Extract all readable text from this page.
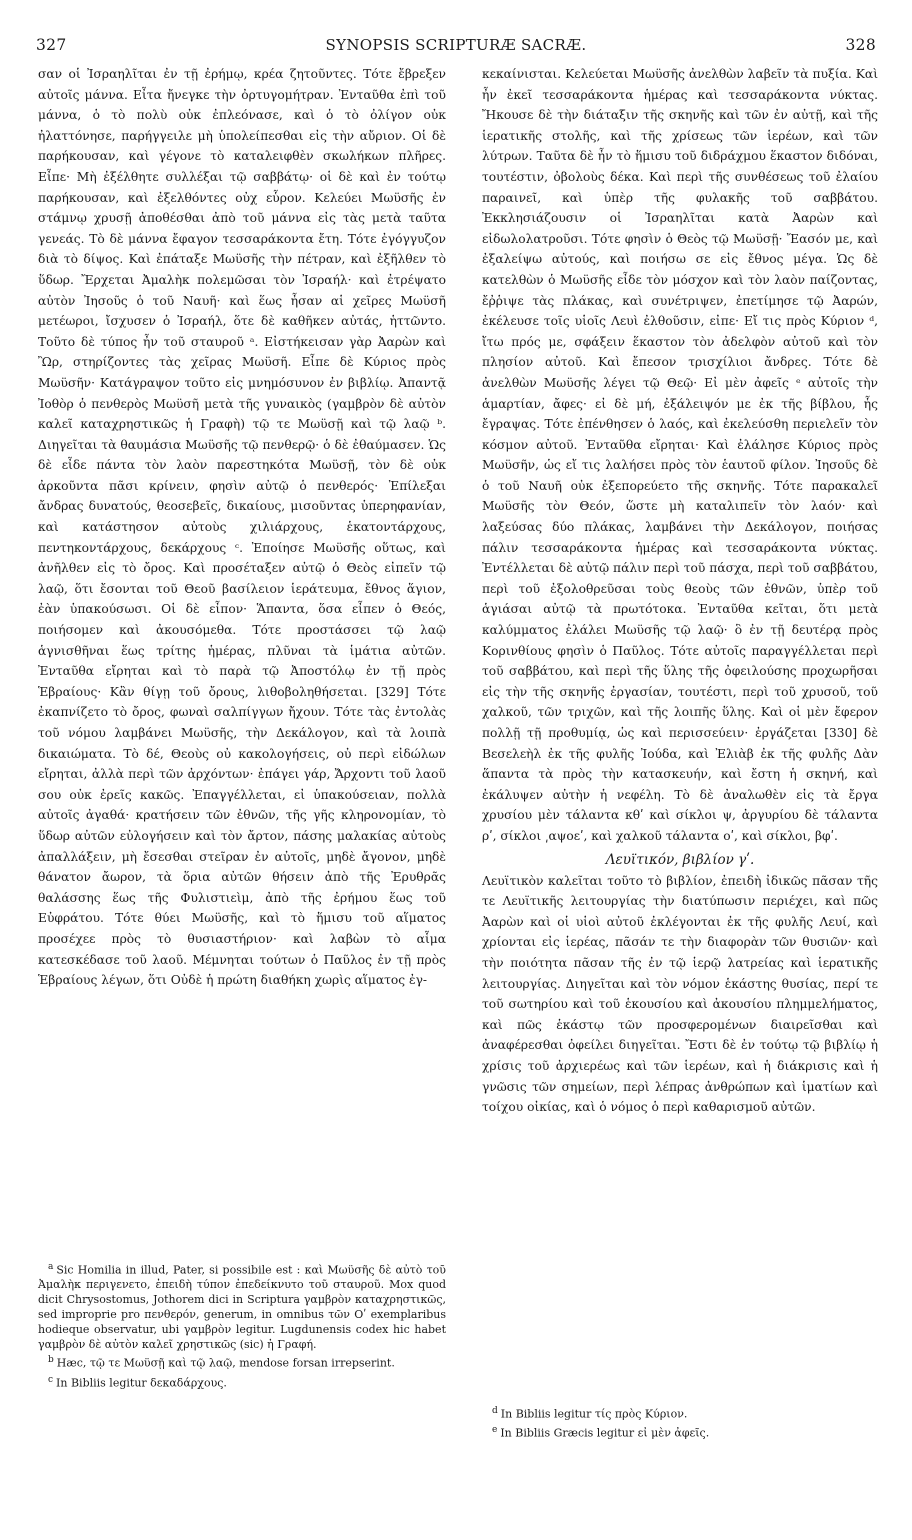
327	SYNOPSIS SCRIPTURÆ SACRÆ.	328

σαν οἱ Ἰσραηλῖται ἐν τῇ ἐρήμῳ, κρέα ζητοῦντες. Τότε ἔβρεξεν αὐτοῖς μάννα. Εἶτα ἤνεγκε τὴν ὀρτυγομήτραν. Ἐνταῦθα ἐπὶ τοῦ μάννα, ὁ τὸ πολὺ οὐκ ἐπλεόνασε, καὶ ὁ τὸ ὀλίγον οὐκ ἠλαττόνησε, παρήγγειλε μὴ ὑπολείπεσθαι εἰς τὴν αὔριον. Οἱ δὲ παρήκουσαν, καὶ γέγονε τὸ καταλειφθὲν σκωλήκων πλῆρες. Εἶπε· Μὴ ἐξέλθητε συλλέξαι τῷ σαββάτῳ· οἱ δὲ καὶ ἐν τούτῳ παρήκουσαν, καὶ ἐξελθόντες οὐχ εὗρον. Κελεύει Μωϋσῆς ἐν στάμνῳ χρυσῇ ἀποθέσθαι ἀπὸ τοῦ μάννα εἰς τὰς μετὰ ταῦτα γενεάς. Τὸ δὲ μάννα ἔφαγον τεσσαράκοντα ἔτη. Τότε ἐγόγγυζον διὰ τὸ δίψος. Καὶ ἐπάταξε Μωϋσῆς τὴν πέτραν, καὶ ἐξῆλθεν τὸ ὕδωρ. Ἔρχεται Ἀμαλὴκ πολεμῶσαι τὸν Ἰσραήλ· καὶ ἐτρέψατο αὐτὸν Ἰησοῦς ὁ τοῦ Ναυῆ· καὶ ἕως ἦσαν αἱ χεῖρες Μωϋσῆ μετέωροι, ἴσχυσεν ὁ Ἰσραήλ, ὅτε δὲ καθῆκεν αὐτάς, ἡττῶντο. Τοῦτο δὲ τύπος ἦν τοῦ σταυροῦ ᵃ. Εἰστήκεισαν γὰρ Ἀαρὼν καὶ Ὢρ, στηρίζοντες τὰς χεῖρας Μωϋσῆ. Εἶπε δὲ Κύριος πρὸς Μωϋσῆν· Κατάγραψον τοῦτο εἰς μνημόσυνον ἐν βιβλίῳ. Ἀπαντᾷ Ἰοθὸρ ὁ πενθερὸς Μωϋσῆ μετὰ τῆς γυναικὸς (γαμβρὸν δὲ αὐτὸν καλεῖ καταχρηστικῶς ἡ Γραφὴ) τῷ τε Μωϋσῇ καὶ τῷ λαῷ ᵇ. Διηγεῖται τὰ θαυμάσια Μωϋσῆς τῷ πενθερῷ· ὁ δὲ ἐθαύμασεν. Ὡς δὲ εἶδε πάντα τὸν λαὸν παρεστηκότα Μωϋσῇ, τὸν δὲ οὐκ ἀρκοῦντα πᾶσι κρίνειν, φησὶν αὐτῷ ὁ πενθερός· Ἐπίλεξαι ἄνδρας δυνατούς, θεοσεβεῖς, δικαίους, μισοῦντας ὑπερηφανίαν, καὶ κατάστησον αὐτοὺς χιλιάρχους, ἑκατοντάρχους, πεντηκοντάρχους, δεκάρχους ᶜ. Ἐποίησε Μωϋσῆς οὕτως, καὶ ἀνῆλθεν εἰς τὸ ὄρος. Καὶ προσέταξεν αὐτῷ ὁ Θεὸς εἰπεῖν τῷ λαῷ, ὅτι ἔσονται τοῦ Θεοῦ βασίλειον ἱεράτευμα, ἔθνος ἅγιον, ἐὰν ὑπακούσωσι. Οἱ δὲ εἶπον· Ἅπαντα, ὅσα εἶπεν ὁ Θεός, ποιήσομεν καὶ ἀκουσόμεθα. Τότε προστάσσει τῷ λαῷ ἁγνισθῆναι ἕως τρίτης ἡμέρας, πλῦναι τὰ ἱμάτια αὐτῶν. Ἐνταῦθα εἴρηται καὶ τὸ παρὰ τῷ Ἀποστόλῳ ἐν τῇ πρὸς Ἑβραίους· Κἂν θίγῃ τοῦ ὄρους, λιθοβοληθήσεται. [329] Τότε ἐκαπνίζετο τὸ ὄρος, φωναὶ σαλπίγγων ἤχουν. Τότε τὰς ἐντολὰς τοῦ νόμου λαμβάνει Μωϋσῆς, τὴν Δεκάλογον, καὶ τὰ λοιπὰ δικαιώματα. Τὸ δέ, Θεοὺς οὐ κακολογήσεις, οὐ περὶ εἰδώλων εἴρηται, ἀλλὰ περὶ τῶν ἀρχόντων· ἐπάγει γάρ, Ἄρχοντι τοῦ λαοῦ σου οὐκ ἐρεῖς κακῶς. Ἐπαγγέλλεται, εἰ ὑπακούσειαν, πολλὰ αὐτοῖς ἀγαθά· κρατήσειν τῶν ἐθνῶν, τῆς γῆς κληρονομίαν, τὸ ὕδωρ αὐτῶν εὐλογήσειν καὶ τὸν ἄρτον, πάσης μαλακίας αὐτοὺς ἀπαλλάξειν, μὴ ἔσεσθαι στεῖραν ἐν αὐτοῖς, μηδὲ ἄγονον, μηδὲ θάνατον ἄωρον, τὰ ὅρια αὐτῶν θήσειν ἀπὸ τῆς Ἐρυθρᾶς θαλάσσης ἕως τῆς Φυλιστιεὶμ, ἀπὸ τῆς ἐρήμου ἕως τοῦ Εὐφράτου. Τότε θύει Μωϋσῆς, καὶ τὸ ἥμισυ τοῦ αἵματος προσέχεε πρὸς τὸ θυσιαστήριον· καὶ λαβὼν τὸ αἷμα κατεσκέδασε τοῦ λαοῦ. Μέμνηται τούτων ὁ Παῦλος ἐν τῇ πρὸς Ἑβραίους λέγων, ὅτι Οὐδὲ ἡ πρώτη διαθήκη χωρὶς αἵματος ἐγ-

κεκαίνισται. Κελεύεται Μωϋσῆς ἀνελθὼν λαβεῖν τὰ πυξία. Καὶ ἦν ἐκεῖ τεσσαράκοντα ἡμέρας καὶ τεσσαράκοντα νύκτας. Ἤκουσε δὲ τὴν διάταξιν τῆς σκηνῆς καὶ τῶν ἐν αὐτῇ, καὶ τῆς ἱερατικῆς στολῆς, καὶ τῆς χρίσεως τῶν ἱερέων, καὶ τῶν λύτρων. Ταῦτα δὲ ἦν τὸ ἥμισυ τοῦ διδράχμου ἕκαστον διδόναι, τουτέστιν, ὀβολοὺς δέκα. Καὶ περὶ τῆς συνθέσεως τοῦ ἐλαίου παραινεῖ, καὶ ὑπὲρ τῆς φυλακῆς τοῦ σαββάτου. Ἐκκλησιάζουσιν οἱ Ἰσραηλῖται κατὰ Ἀαρὼν καὶ εἰδωλολατροῦσι. Τότε φησὶν ὁ Θεὸς τῷ Μωϋσῇ· Ἔασόν με, καὶ ἐξαλείψω αὐτούς, καὶ ποιήσω σε εἰς ἔθνος μέγα. Ὡς δὲ κατελθὼν ὁ Μωϋσῆς εἶδε τὸν μόσχον καὶ τὸν λαὸν παίζοντας, ἔῤῥιψε τὰς πλάκας, καὶ συνέτριψεν, ἐπετίμησε τῷ Ἀαρών, ἐκέλευσε τοῖς υἱοῖς Λευὶ ἐλθοῦσιν, εἰπε· Εἴ τις πρὸς Κύριον ᵈ, ἴτω πρός με, σφάξειν ἕκαστον τὸν ἀδελφὸν αὐτοῦ καὶ τὸν πλησίον αὐτοῦ. Καὶ ἔπεσον τρισχίλιοι ἄνδρες. Τότε δὲ ἀνελθὼν Μωϋσῆς λέγει τῷ Θεῷ· Εἰ μὲν ἀφεῖς ᵉ αὐτοῖς τὴν ἁμαρτίαν, ἄφες· εἰ δὲ μή, ἐξάλειψόν με ἐκ τῆς βίβλου, ἧς ἔγραψας. Τότε ἐπένθησεν ὁ λαός, καὶ ἐκελεύσθη περιελεῖν τὸν κόσμον αὐτοῦ. Ἐνταῦθα εἴρηται· Καὶ ἐλάλησε Κύριος πρὸς Μωϋσῆν, ὡς εἴ τις λαλήσει πρὸς τὸν ἑαυτοῦ φίλον. Ἰησοῦς δὲ ὁ τοῦ Ναυῆ οὐκ ἐξεπορεύετο τῆς σκηνῆς. Τότε παρακαλεῖ Μωϋσῆς τὸν Θεόν, ὥστε μὴ καταλιπεῖν τὸν λαόν· καὶ λαξεύσας δύο πλάκας, λαμβάνει τὴν Δεκάλογον, ποιήσας πάλιν τεσσαράκοντα ἡμέρας καὶ τεσσαράκοντα νύκτας. Ἐντέλλεται δὲ αὐτῷ πάλιν περὶ τοῦ πάσχα, περὶ τοῦ σαββάτου, περὶ τοῦ ἐξολοθρεῦσαι τοὺς θεοὺς τῶν ἐθνῶν, ὑπὲρ τοῦ ἁγιάσαι αὐτῷ τὰ πρωτότοκα. Ἐνταῦθα κεῖται, ὅτι μετὰ καλύμματος ἐλάλει Μωϋσῆς τῷ λαῷ· ὃ ἐν τῇ δευτέρᾳ πρὸς Κορινθίους φησὶν ὁ Παῦλος. Τότε αὐτοῖς παραγγέλλεται περὶ τοῦ σαββάτου, καὶ περὶ τῆς ὕλης τῆς ὀφειλούσης προχωρῆσαι εἰς τὴν τῆς σκηνῆς ἐργασίαν, τουτέστι, περὶ τοῦ χρυσοῦ, τοῦ χαλκοῦ, τῶν τριχῶν, καὶ τῆς λοιπῆς ὕλης. Καὶ οἱ μὲν ἔφερον πολλῇ τῇ προθυμίᾳ, ὡς καὶ περισσεύειν· ἐργάζεται [330] δὲ Βεσελεὴλ ἐκ τῆς φυλῆς Ἰούδα, καὶ Ἐλιὰβ ἐκ τῆς φυλῆς Δὰν ἅπαντα τὰ πρὸς τὴν κατασκευήν, καὶ ἔστη ἡ σκηνή, καὶ ἐκάλυψεν αὐτὴν ἡ νεφέλη. Τὸ δὲ ἀναλωθὲν εἰς τὰ ἔργα χρυσίου μὲν τάλαντα κθʹ καὶ σίκλοι ψ, ἀργυρίου δὲ τάλαντα ρʹ, σίκλοι ͵αψοεʹ, καὶ χαλκοῦ τάλαντα οʹ, καὶ σίκλοι, βφʹ.

Λευϊτικόν, βιβλίον γʹ.

Λευϊτικὸν καλεῖται τοῦτο τὸ βιβλίον, ἐπειδὴ ἰδικῶς πᾶσαν τῆς τε Λευϊτικῆς λειτουργίας τὴν διατύπωσιν περιέχει, καὶ πῶς Ἀαρὼν καὶ οἱ υἱοὶ αὐτοῦ ἐκλέγονται ἐκ τῆς φυλῆς Λευί, καὶ χρίονται εἰς ἱερέας, πᾶσάν τε τὴν διαφορὰν τῶν θυσιῶν· καὶ τὴν ποιότητα πᾶσαν τῆς ἐν τῷ ἱερῷ λατρείας καὶ ἱερατικῆς λειτουργίας. Διηγεῖται καὶ τὸν νόμον ἑκάστης θυσίας, περί τε τοῦ σωτηρίου καὶ τοῦ ἑκουσίου καὶ ἀκουσίου πλημμελήματος, καὶ πῶς ἑκάστῳ τῶν προσφερομένων διαιρεῖσθαι καὶ ἀναφέρεσθαι ὀφείλει διηγεῖται. Ἔστι δὲ ἐν τούτῳ τῷ βιβλίῳ ἡ χρίσις τοῦ ἀρχιερέως καὶ τῶν ἱερέων, καὶ ἡ διάκρισις καὶ ἡ γνῶσις τῶν σημείων, περὶ λέπρας ἀνθρώπων καὶ ἱματίων καὶ τοίχου οἰκίας, καὶ ὁ νόμος ὁ περὶ καθαρισμοῦ αὐτῶν.

$^a$ Sic Homilia in illud, Pater, si possibile est : καὶ Μωϋσῆς δὲ αὐτὸ τοῦ Ἀμαλὴκ περιγενετο, ἐπειδὴ τύπον ἐπεδείκνυτο τοῦ σταυροῦ. Mox quod dicit Chrysostomus, Jothorem dici in Scriptura γαμβρὸν καταχρηστικῶς, sed improprie pro πενθερόν, generum, in omnibus τῶν Οʹ exemplaribus hodieque observatur, ubi γαμβρὸν legitur. Lugdunensis codex hic habet γαμβρὸν δὲ αὐτὸν καλεῖ χρηστικῶς (sic) ἡ Γραφή.

$^b$ Hæc, τῷ τε Μωϋσῇ καὶ τῷ λαῷ, mendose forsan irrepserint.

$^c$ In Bibliis legitur δεκαδάρχους.

$^d$ In Bibliis legitur τίς πρὸς Κύριον.

$^e$ In Bibliis Græcis legitur εἰ μὲν ἀφεῖς.
